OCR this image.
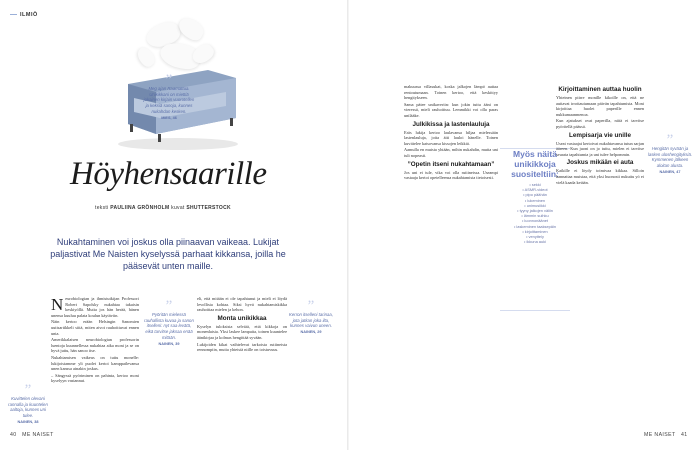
ILMIÖ
Höyhensaarille
teksti PAULIINA GRÖNHOLM kuvat SHUTTERSTOCK
Nukahtaminen voi joskus olla piinaavan vaikeaa. Lukijat paljastivat Me Naisten kyselyssä parhaat kikkansa, joilla he pääsevät unten maille.
N eurobiologian ja ihmistutkijan Professori Robert Sapolsky nukahtaa takaisin keskiyöllä. Mutta jos hän herää, hänen unensa kuuluu palata koulun käytäviin.

Näin kertoo erään Helsingin Sanomien uutisartikkeli siitä, miten aivot rauhoittuvat ennen unta.

Amerikkalaisen neurobiologian professorin luentoja kuunnellessa nukahtaa aika moni ja se on hyvä juttu, hän sanoo itse.

Nukahtamisen vaikeus on tuttu monelle: lukijoistamme yli puolet kertoi kamppailevansa unen kanssa ainakin joskus.

– Sängyssä pyöriminen on pahinta, kertoo moni kyselyyn vastannut.

eli, että mitään ei ole tapahtunut ja mieli ei löydä levollista kohtaa. Siksi hyvä nukahtamiskikka rauhoittaa mielen ja kehon.

Monta unikikkaa

Kyselyn tuloksista selviää, että kikkoja on monenlaisia. Yksi laskee lampaita, toinen kuuntelee äänikirjaa ja kolmas hengittää syvään.

Lukijoiden kikat vaihtelevat tarkoista rutiineista rennompiin, mutta yhteistä niille on toistuvuus.

”
Kuvittelen olevani rannalla ja kuuntelen aaltoja, kunnes uni tulee.
NAINEN, 38
”
Meg ajan Raamattua. Unikikkani on miettiä jokainen kirjain vuorotellen ja keksiä sanoja, kunnes nukahdan kesken.
MIES, 46
”
Pyöritän mielessä rauhallista kuvaa ja sanon itselleni: nyt saa levätä, eikä tarvitse jaksaa enää mitään.
NAINEN, 39
”
Kerron itselleni tarinaa, jota jatkan joka ilta, kunnes vaivun uneen.
NAINEN, 29
”
Hengitän syvään ja lasken uloshengityksiä. Kymmenen jälkeen aloitan alusta.
NAINEN, 47

makuussa villasukat, koska jalkojen lämpö auttaa rentoutumaan. Toinen kertoo, että keskittyy hengitykseen.

Sama pätee unikaveriin: kun jokin tuttu ääni on vieressä, mieli rauhoittuu. Lemmikki voi olla paras unilääke.

Julkikissa ja lastenlauluja

Eräs lukija kertoo laulavansa hiljaa mielessään lastenlauluja, joita äiti lauloi hänelle. Toinen kuvittelee katsovansa kissojen leikkiä.

Aamulla en muista yhtään, mihin nukahdin, mutta uni tuli nopeasti.

”Opetin itseni nukahtamaan”

Jos uni ei tule, vika voi olla rutiineissa. Useampi vastaaja kertoi opetelleensa nukahtamista tietoisesti.

Myös näitä unikikkoja suositeltiin:
• sekki
• ASMR-videot
• pipo päähän
• lukeminen
• unimusiikki
• tyyny jalkojen väliin
• lämmin suihku
• luonnonäänet
• laskeminen taaksepäin
• kirjoittaminen
• venyttely
• ikkuna auki
Kirjoittaminen auttaa huolin

Yhteinen piirre monille kikoille on, että ne auttavat irrottautumaan päivän tapahtumista. Moni kirjoittaa huolet paperille ennen nukkumaanmenoa.

Kun ajatukset ovat paperilla, niitä ei tarvitse pyöritellä päässä.

Lempisarja vie unille

Useat vastaajat kertoivat nukahtavansa tutun sarjan ääreen. Kun juoni on jo tuttu, mielen ei tarvitse seurata tapahtumia ja uni tulee helpommin.

Joskus mikään ei auta

Kaikille ei löydy toimivaa kikkaa. Silloin kannattaa muistaa, että yksi huonosti nukuttu yö ei vielä kaada ketään.

40 ME NAISET	ME NAISET 41
